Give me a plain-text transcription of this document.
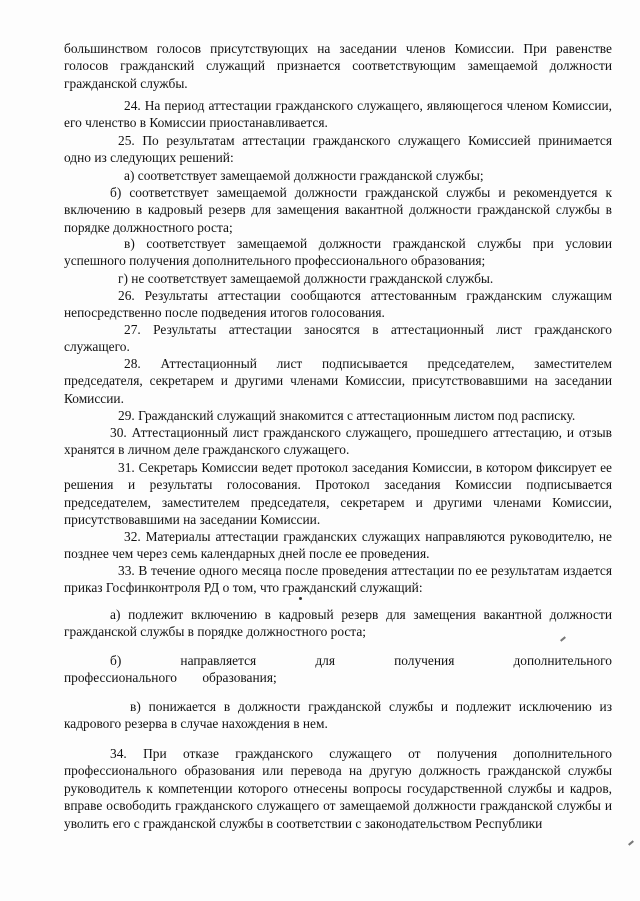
большинством голосов присутствующих на заседании членов Комиссии. При равенстве голосов гражданский служащий признается соответствующим замещаемой должности гражданской службы.

24. На период аттестации гражданского служащего, являющегося членом Комиссии, его членство в Комиссии приостанавливается.

25. По результатам аттестации гражданского служащего Комиссией принимается одно из следующих решений:

а) соответствует замещаемой должности гражданской службы;

б) соответствует замещаемой должности гражданской службы и рекомендуется к включению в кадровый резерв для замещения вакантной должности гражданской службы в порядке должностного роста;

в) соответствует замещаемой должности гражданской службы при условии успешного получения дополнительного профессионального образования;

г) не соответствует замещаемой должности гражданской службы.

26. Результаты аттестации сообщаются аттестованным гражданским служащим непосредственно после подведения итогов голосования.

27. Результаты аттестации заносятся в аттестационный лист гражданского служащего.

28. Аттестационный лист подписывается председателем, заместителем председателя, секретарем и другими членами Комиссии, присутствовавшими на заседании Комиссии.

29. Гражданский служащий знакомится с аттестационным листом под расписку.

30. Аттестационный лист гражданского служащего, прошедшего аттестацию, и отзыв хранятся в личном деле гражданского служащего.

31. Секретарь Комиссии ведет протокол заседания Комиссии, в котором фиксирует ее решения и результаты голосования. Протокол заседания Комиссии подписывается председателем, заместителем председателя, секретарем и другими членами Комиссии, присутствовавшими на заседании Комиссии.

32. Материалы аттестации гражданских служащих направляются руководителю, не позднее чем через семь календарных дней после ее проведения.

33. В течение одного месяца после проведения аттестации по ее результатам издается приказ Госфинконтроля РД о том, что гражданский служащий:

а) подлежит включению в кадровый резерв для замещения вакантной должности гражданской службы в порядке должностного роста;

б) направляется для получения дополнительного профессионального образования;

в) понижается в должности гражданской службы и подлежит исключению из кадрового резерва в случае нахождения в нем.

34. При отказе гражданского служащего от получения дополнительного профессионального образования или перевода на другую должность гражданской службы руководитель к компетенции которого отнесены вопросы государственной службы и кадров, вправе освободить гражданского служащего от замещаемой должности гражданской службы и уволить его с гражданской службы в соответствии с законодательством Республики
